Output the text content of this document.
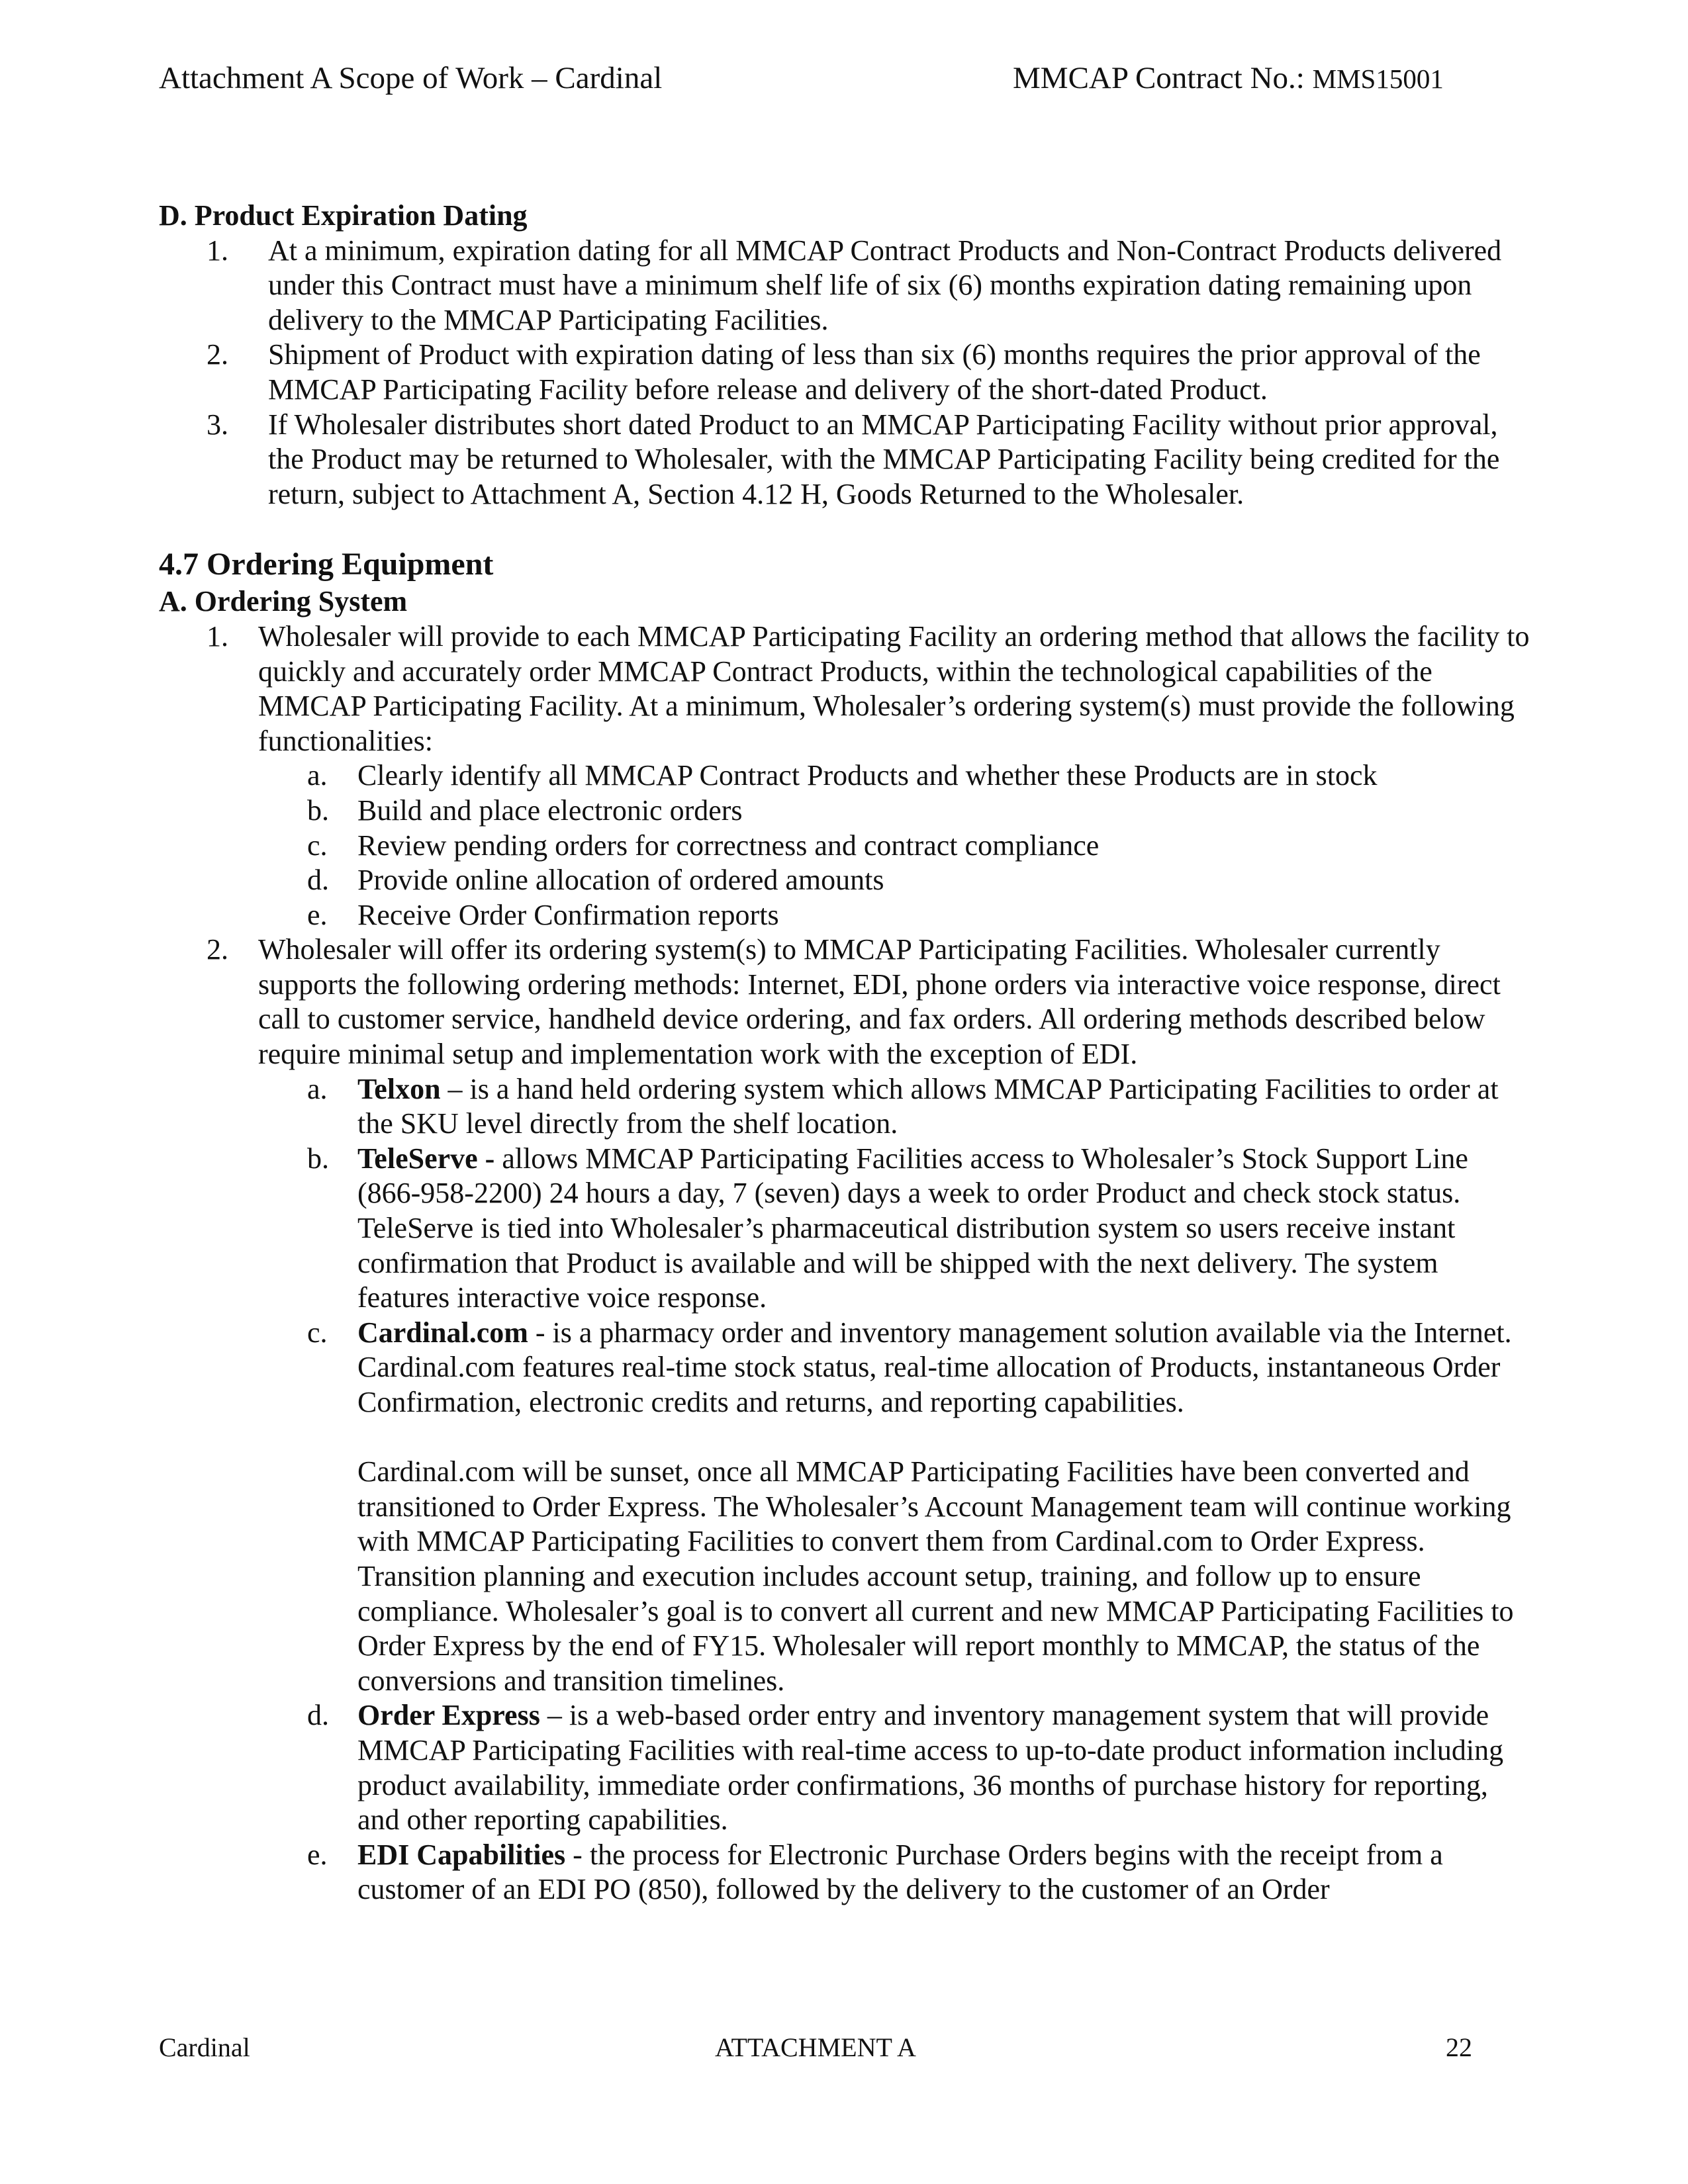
Attachment A Scope of Work – Cardinal	MMCAP Contract No.: MMS15001

D. Product Expiration Dating

1. At a minimum, expiration dating for all MMCAP Contract Products and Non-Contract Products delivered under this Contract must have a minimum shelf life of six (6) months expiration dating remaining upon delivery to the MMCAP Participating Facilities.
2. Shipment of Product with expiration dating of less than six (6) months requires the prior approval of the MMCAP Participating Facility before release and delivery of the short-dated Product.
3. If Wholesaler distributes short dated Product to an MMCAP Participating Facility without prior approval, the Product may be returned to Wholesaler, with the MMCAP Participating Facility being credited for the return, subject to Attachment A, Section 4.12 H, Goods Returned to the Wholesaler.

4.7 Ordering Equipment

A. Ordering System

1. Wholesaler will provide to each MMCAP Participating Facility an ordering method that allows the facility to quickly and accurately order MMCAP Contract Products, within the technological capabilities of the MMCAP Participating Facility. At a minimum, Wholesaler’s ordering system(s) must provide the following functionalities:
a. Clearly identify all MMCAP Contract Products and whether these Products are in stock
b. Build and place electronic orders
c. Review pending orders for correctness and contract compliance
d. Provide online allocation of ordered amounts
e. Receive Order Confirmation reports
2. Wholesaler will offer its ordering system(s) to MMCAP Participating Facilities. Wholesaler currently supports the following ordering methods: Internet, EDI, phone orders via interactive voice response, direct call to customer service, handheld device ordering, and fax orders. All ordering methods described below require minimal setup and implementation work with the exception of EDI.
a. Telxon – is a hand held ordering system which allows MMCAP Participating Facilities to order at the SKU level directly from the shelf location.
b. TeleServe - allows MMCAP Participating Facilities access to Wholesaler’s Stock Support Line (866-958-2200) 24 hours a day, 7 (seven) days a week to order Product and check stock status. TeleServe is tied into Wholesaler’s pharmaceutical distribution system so users receive instant confirmation that Product is available and will be shipped with the next delivery. The system features interactive voice response.
c. Cardinal.com - is a pharmacy order and inventory management solution available via the Internet. Cardinal.com features real-time stock status, real-time allocation of Products, instantaneous Order Confirmation, electronic credits and returns, and reporting capabilities.
Cardinal.com will be sunset, once all MMCAP Participating Facilities have been converted and transitioned to Order Express. The Wholesaler’s Account Management team will continue working with MMCAP Participating Facilities to convert them from Cardinal.com to Order Express. Transition planning and execution includes account setup, training, and follow up to ensure compliance. Wholesaler’s goal is to convert all current and new MMCAP Participating Facilities to Order Express by the end of FY15. Wholesaler will report monthly to MMCAP, the status of the conversions and transition timelines.
d. Order Express – is a web-based order entry and inventory management system that will provide MMCAP Participating Facilities with real-time access to up-to-date product information including product availability, immediate order confirmations, 36 months of purchase history for reporting, and other reporting capabilities.
e. EDI Capabilities - the process for Electronic Purchase Orders begins with the receipt from a customer of an EDI PO (850), followed by the delivery to the customer of an Order
Cardinal	ATTACHMENT A	22
